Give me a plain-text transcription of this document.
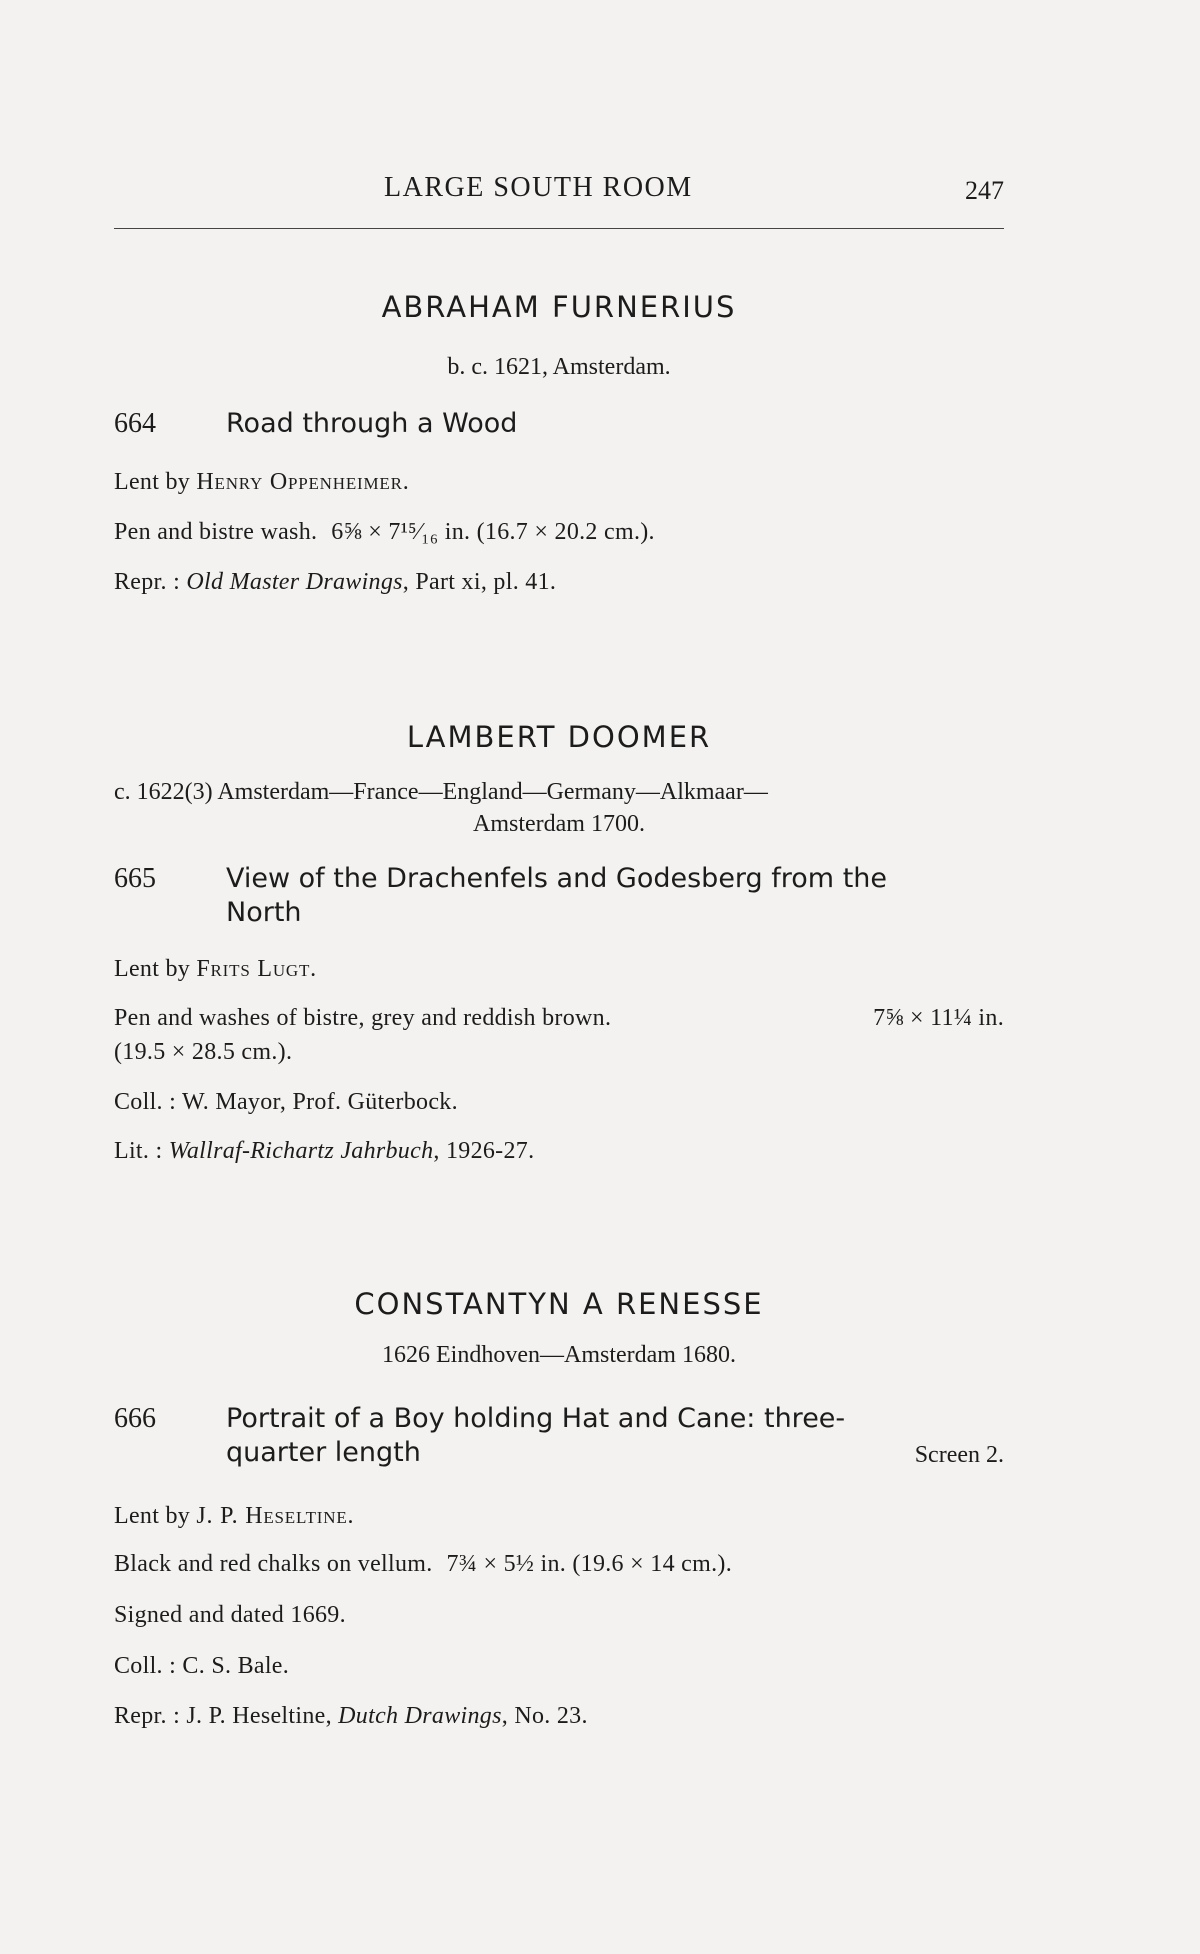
LARGE SOUTH ROOM	247
ABRAHAM FURNERIUS

b. c. 1621, Amsterdam.

664	Road through a Wood

Lent by Henry Oppenheimer.

Pen and bistre wash. 6⅝ × 7¹⁵⁄₁₆ in. (16.7 × 20.2 cm.).

Repr. : Old Master Drawings, Part xi, pl. 41.

LAMBERT DOOMER

c. 1622(3) Amsterdam—France—England—Germany—Alkmaar—
Amsterdam 1700.

665	View of the Drachenfels and Godesberg from the
North

Lent by Frits Lugt.

Pen and washes of bistre, grey and reddish brown.	7⅝ × 11¼ in.

(19.5 × 28.5 cm.).

Coll. : W. Mayor, Prof. Güterbock.

Lit. : Wallraf-Richartz Jahrbuch, 1926-27.

CONSTANTYN A RENESSE

1626 Eindhoven—Amsterdam 1680.

666	Portrait of a Boy holding Hat and Cane: three-
quarter length	Screen 2.

Lent by J. P. Heseltine.

Black and red chalks on vellum. 7¾ × 5½ in. (19.6 × 14 cm.).

Signed and dated 1669.

Coll. : C. S. Bale.

Repr. : J. P. Heseltine, Dutch Drawings, No. 23.
